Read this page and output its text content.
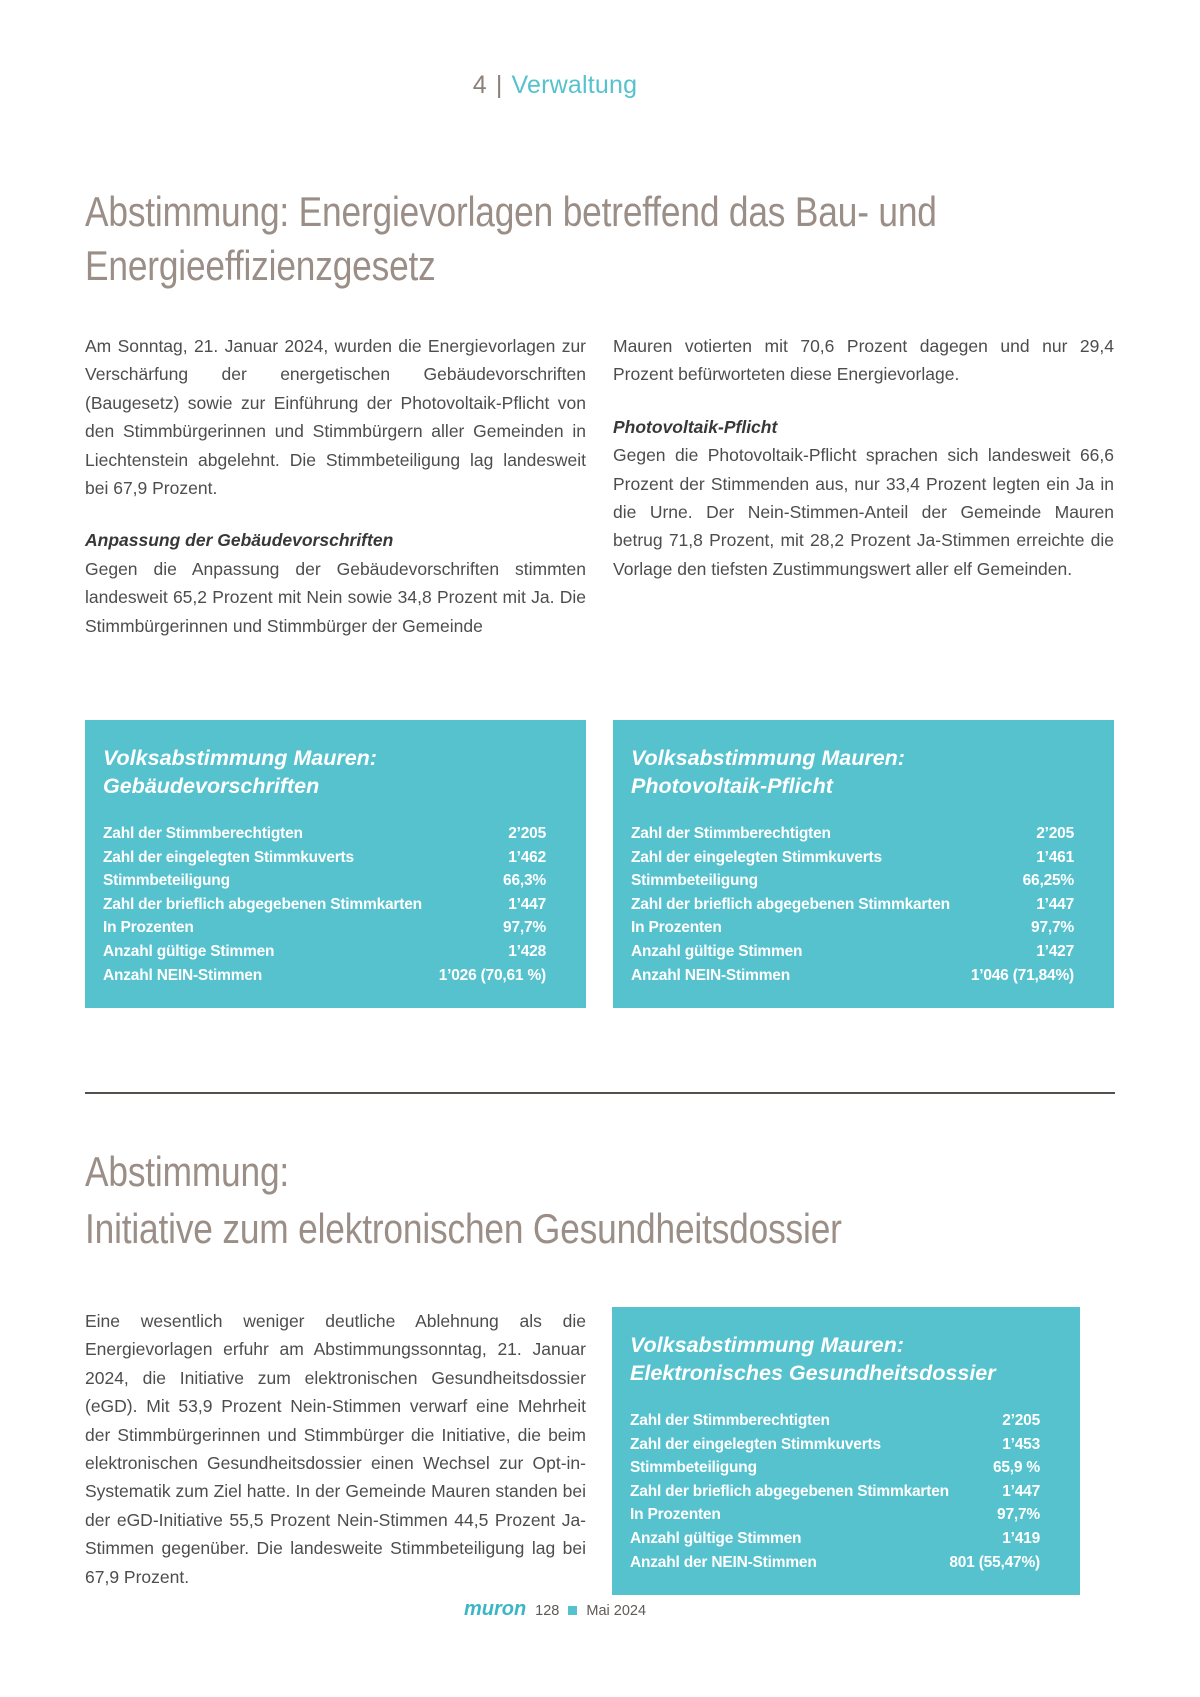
4 | Verwaltung
Abstimmung: Energievorlagen betreffend das Bau- und
Energieeffizienzgesetz

Am Sonntag, 21. Januar 2024, wurden die Energievorlagen zur Verschärfung der energetischen Gebäudevorschriften (Baugesetz) sowie zur Einführung der Photovoltaik-Pflicht von den Stimmbürgerinnen und Stimmbürgern aller Gemeinden in Liechtenstein abgelehnt. Die Stimmbeteiligung lag landesweit bei 67,9 Prozent.

Anpassung der Gebäudevorschriften

Gegen die Anpassung der Gebäudevorschriften stimmten landesweit 65,2 Prozent mit Nein sowie 34,8 Prozent mit Ja. Die Stimmbürgerinnen und Stimmbürger der Gemeinde

Mauren votierten mit 70,6 Prozent dagegen und nur 29,4 Prozent befürworteten diese Energievorlage.

Photovoltaik-Pflicht

Gegen die Photovoltaik-Pflicht sprachen sich landesweit 66,6 Prozent der Stimmenden aus, nur 33,4 Prozent legten ein Ja in die Urne. Der Nein-Stimmen-Anteil der Gemeinde Mauren betrug 71,8 Prozent, mit 28,2 Prozent Ja-Stimmen erreichte die Vorlage den tiefsten Zustimmungswert aller elf Gemeinden.

Volksabstimmung Mauren:
Gebäudevorschriften
Zahl der Stimmberechtigten	2’205
Zahl der eingelegten Stimmkuverts	1’462
Stimmbeteiligung	66,3%
Zahl der brieflich abgegebenen Stimmkarten	1’447
In Prozenten	97,7%
Anzahl gültige Stimmen	1’428
Anzahl NEIN-Stimmen	1’026 (70,61 %)
Volksabstimmung Mauren:
Photovoltaik-Pflicht
Zahl der Stimmberechtigten	2’205
Zahl der eingelegten Stimmkuverts	1’461
Stimmbeteiligung	66,25%
Zahl der brieflich abgegebenen Stimmkarten	1’447
In Prozenten	97,7%
Anzahl gültige Stimmen	1’427
Anzahl NEIN-Stimmen	1’046 (71,84%)
Abstimmung:
Initiative zum elektronischen Gesundheitsdossier

Eine wesentlich weniger deutliche Ablehnung als die Energievorlagen erfuhr am Abstimmungssonntag, 21. Januar 2024, die Initiative zum elektronischen Gesundheitsdossier (eGD). Mit 53,9 Prozent Nein-Stimmen verwarf eine Mehrheit der Stimmbürgerinnen und Stimmbürger die Initiative, die beim elektronischen Gesundheitsdossier einen Wechsel zur Opt-in-Systematik zum Ziel hatte. In der Gemeinde Mauren standen bei der eGD-Initiative 55,5 Prozent Nein-Stimmen 44,5 Prozent Ja-Stimmen gegenüber. Die landesweite Stimmbeteiligung lag bei 67,9 Prozent.

Volksabstimmung Mauren:
Elektronisches Gesundheitsdossier
Zahl der Stimmberechtigten	2’205
Zahl der eingelegten Stimmkuverts	1’453
Stimmbeteiligung	65,9 %
Zahl der brieflich abgegebenen Stimmkarten	1’447
In Prozenten	97,7%
Anzahl gültige Stimmen	1’419
Anzahl der NEIN-Stimmen	801 (55,47%)
muron 128 Mai 2024
